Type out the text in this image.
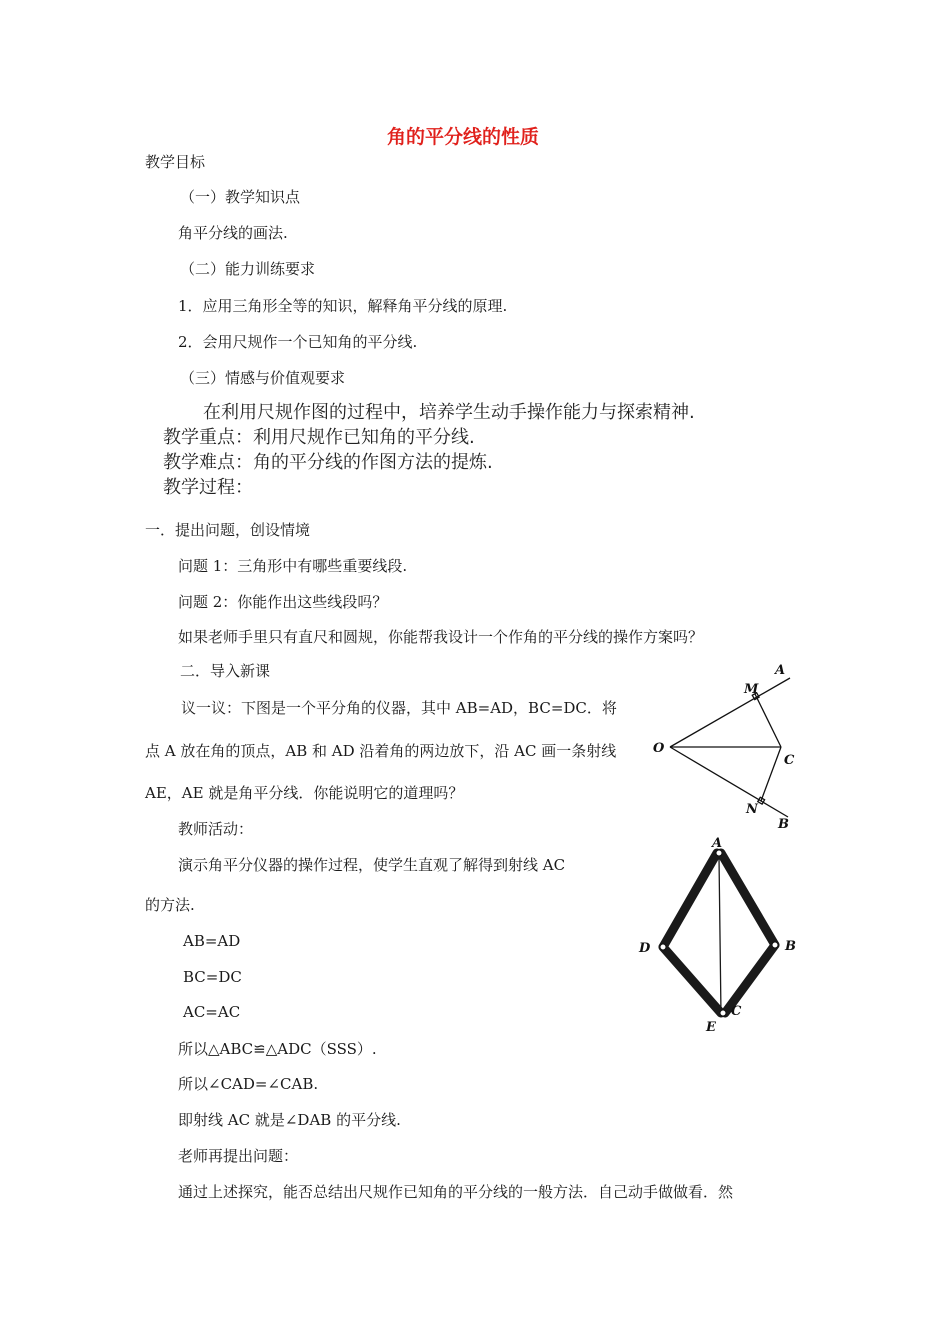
角的平分线的性质
教学目标
（一）教学知识点
角平分线的画法.
（二）能力训练要求
1．应用三角形全等的知识，解释角平分线的原理.
2．会用尺规作一个已知角的平分线.
（三）情感与价值观要求
在利用尺规作图的过程中，培养学生动手操作能力与探索精神.
教学重点：利用尺规作已知角的平分线.
教学难点：角的平分线的作图方法的提炼.
教学过程：
一．提出问题，创设情境
问题 1：三角形中有哪些重要线段.
问题 2：你能作出这些线段吗？
如果老师手里只有直尺和圆规，你能帮我设计一个作角的平分线的操作方案吗？
二．导入新课
议一议：下图是一个平分角的仪器，其中 AB=AD，BC=DC．将
点 A 放在角的顶点，AB 和 AD 沿着角的两边放下，沿 AC 画一条射线
AE，AE 就是角平分线．你能说明它的道理吗？
教师活动：
演示角平分仪器的操作过程，使学生直观了解得到射线 AC
的方法.
AB=AD
BC=DC
AC=AC
所以△ABC≌△ADC（SSS）.
所以∠CAD=∠CAB.
即射线 AC 就是∠DAB 的平分线.
老师再提出问题：
通过上述探究，能否总结出尺规作已知角的平分线的一般方法．自己动手做做看．然
A
M
O
C
N
B
A
D	B
E
C
